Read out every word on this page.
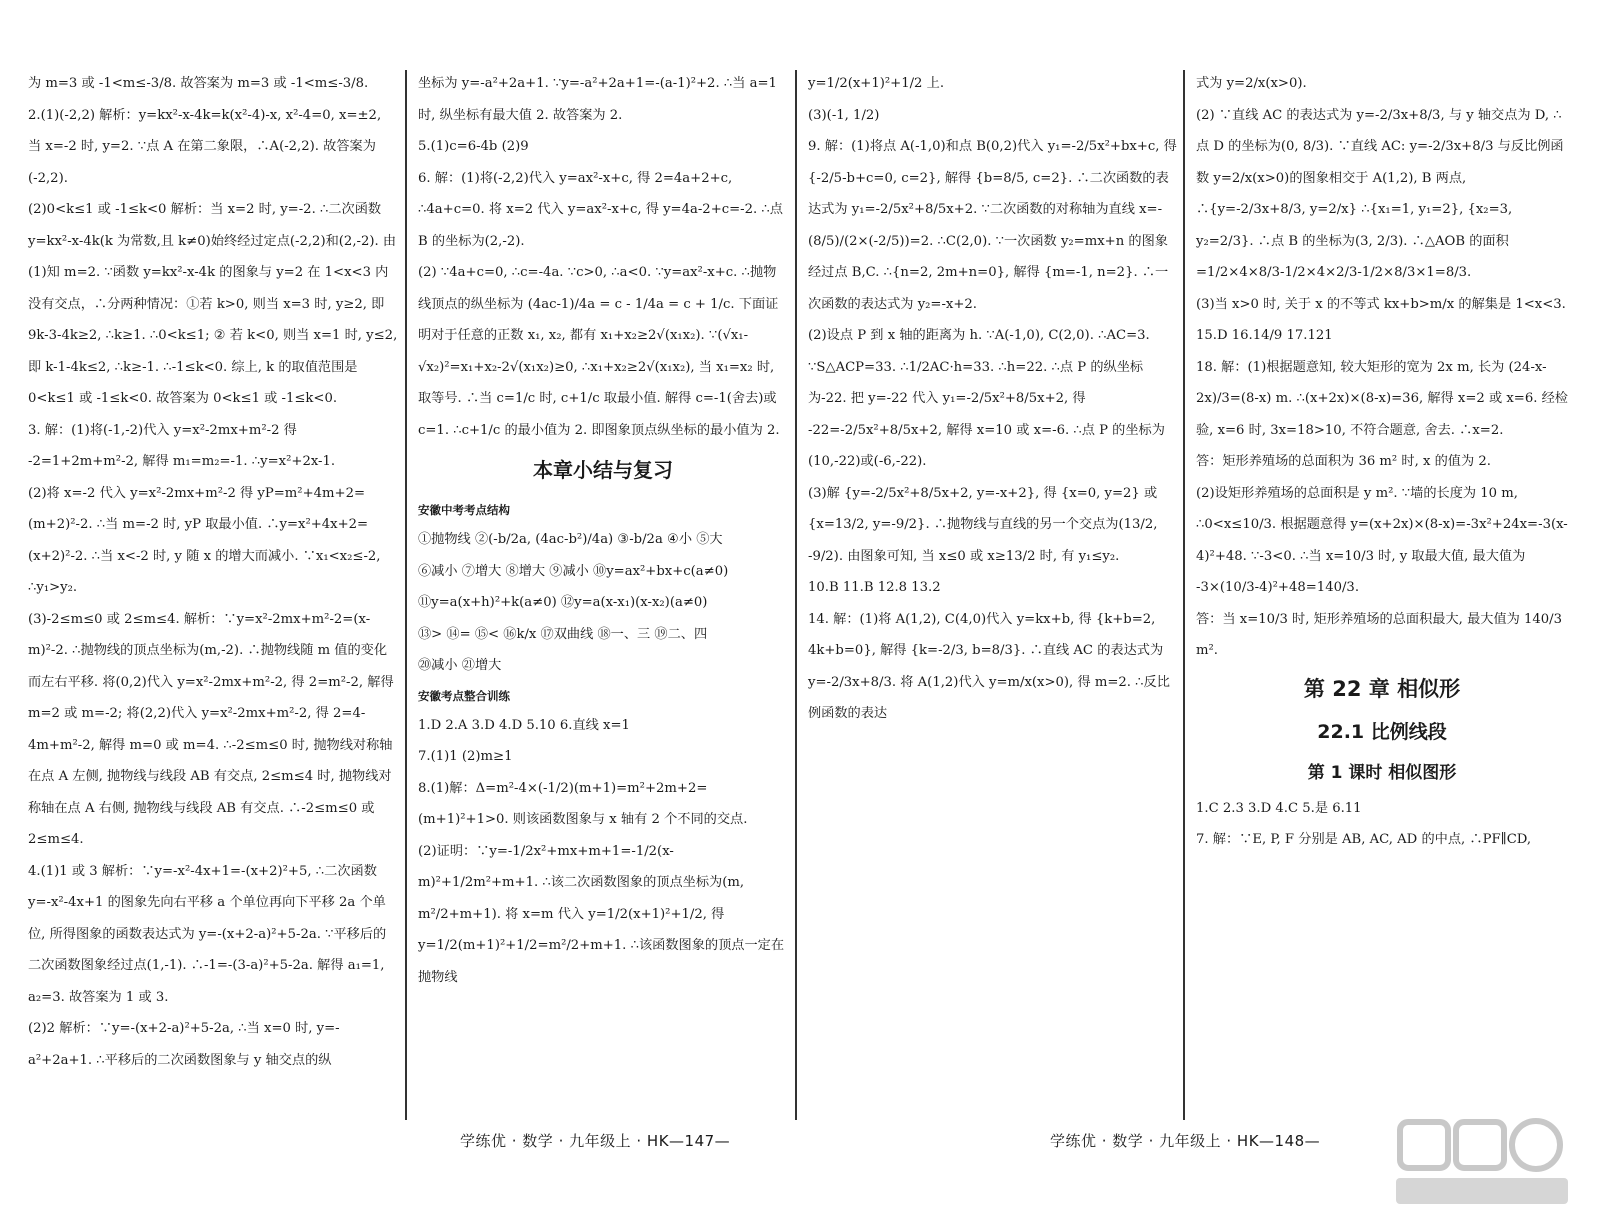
为 m=3 或 -1<m≤-3/8. 故答案为 m=3 或 -1<m≤-3/8.

2.(1)(-2,2) 解析：y=kx²-x-4k=k(x²-4)-x, x²-4=0, x=±2, 当 x=-2 时, y=2. ∵点 A 在第二象限，∴A(-2,2). 故答案为(-2,2).

(2)0<k≤1 或 -1≤k<0 解析：当 x=2 时, y=-2. ∴二次函数 y=kx²-x-4k(k 为常数,且 k≠0)始终经过定点(-2,2)和(2,-2). 由(1)知 m=2. ∵函数 y=kx²-x-4k 的图象与 y=2 在 1<x<3 内没有交点，∴分两种情况：①若 k>0, 则当 x=3 时, y≥2, 即 9k-3-4k≥2, ∴k≥1. ∴0<k≤1; ② 若 k<0, 则当 x=1 时, y≤2, 即 k-1-4k≤2, ∴k≥-1. ∴-1≤k<0. 综上, k 的取值范围是 0<k≤1 或 -1≤k<0. 故答案为 0<k≤1 或 -1≤k<0.

3. 解：(1)将(-1,-2)代入 y=x²-2mx+m²-2 得 -2=1+2m+m²-2, 解得 m₁=m₂=-1. ∴y=x²+2x-1.

(2)将 x=-2 代入 y=x²-2mx+m²-2 得 yP=m²+4m+2=(m+2)²-2. ∴当 m=-2 时, yP 取最小值. ∴y=x²+4x+2=(x+2)²-2. ∴当 x<-2 时, y 随 x 的增大而减小. ∵x₁<x₂≤-2, ∴y₁>y₂.

(3)-2≤m≤0 或 2≤m≤4. 解析：∵y=x²-2mx+m²-2=(x-m)²-2. ∴抛物线的顶点坐标为(m,-2). ∴抛物线随 m 值的变化而左右平移. 将(0,2)代入 y=x²-2mx+m²-2, 得 2=m²-2, 解得 m=2 或 m=-2; 将(2,2)代入 y=x²-2mx+m²-2, 得 2=4-4m+m²-2, 解得 m=0 或 m=4. ∴-2≤m≤0 时, 抛物线对称轴在点 A 左侧, 抛物线与线段 AB 有交点, 2≤m≤4 时, 抛物线对称轴在点 A 右侧, 抛物线与线段 AB 有交点. ∴-2≤m≤0 或 2≤m≤4.

4.(1)1 或 3 解析：∵y=-x²-4x+1=-(x+2)²+5, ∴二次函数 y=-x²-4x+1 的图象先向右平移 a 个单位再向下平移 2a 个单位, 所得图象的函数表达式为 y=-(x+2-a)²+5-2a. ∵平移后的二次函数图象经过点(1,-1). ∴-1=-(3-a)²+5-2a. 解得 a₁=1, a₂=3. 故答案为 1 或 3.

(2)2 解析：∵y=-(x+2-a)²+5-2a, ∴当 x=0 时, y=-a²+2a+1. ∴平移后的二次函数图象与 y 轴交点的纵

坐标为 y=-a²+2a+1. ∵y=-a²+2a+1=-(a-1)²+2. ∴当 a=1 时, 纵坐标有最大值 2. 故答案为 2.

5.(1)c=6-4b (2)9

6. 解：(1)将(-2,2)代入 y=ax²-x+c, 得 2=4a+2+c, ∴4a+c=0. 将 x=2 代入 y=ax²-x+c, 得 y=4a-2+c=-2. ∴点 B 的坐标为(2,-2).

(2) ∵4a+c=0, ∴c=-4a. ∵c>0, ∴a<0. ∵y=ax²-x+c. ∴抛物线顶点的纵坐标为 (4ac-1)/4a = c - 1/4a = c + 1/c. 下面证明对于任意的正数 x₁, x₂, 都有 x₁+x₂≥2√(x₁x₂). ∵(√x₁-√x₂)²=x₁+x₂-2√(x₁x₂)≥0, ∴x₁+x₂≥2√(x₁x₂), 当 x₁=x₂ 时, 取等号. ∴当 c=1/c 时, c+1/c 取最小值. 解得 c=-1(舍去)或 c=1. ∴c+1/c 的最小值为 2. 即图象顶点纵坐标的最小值为 2.

本章小结与复习
安徽中考考点结构

①抛物线 ②(-b/2a, (4ac-b²)/4a) ③-b/2a ④小 ⑤大

⑥减小 ⑦增大 ⑧增大 ⑨减小 ⑩y=ax²+bx+c(a≠0)

⑪y=a(x+h)²+k(a≠0) ⑫y=a(x-x₁)(x-x₂)(a≠0)

⑬> ⑭= ⑮< ⑯k/x ⑰双曲线 ⑱一、三 ⑲二、四

⑳减小 ㉑增大

安徽考点整合训练

1.D 2.A 3.D 4.D 5.10 6.直线 x=1

7.(1)1 (2)m≥1

8.(1)解：Δ=m²-4×(-1/2)(m+1)=m²+2m+2=(m+1)²+1>0. 则该函数图象与 x 轴有 2 个不同的交点.

(2)证明：∵y=-1/2x²+mx+m+1=-1/2(x-m)²+1/2m²+m+1. ∴该二次函数图象的顶点坐标为(m, m²/2+m+1). 将 x=m 代入 y=1/2(x+1)²+1/2, 得 y=1/2(m+1)²+1/2=m²/2+m+1. ∴该函数图象的顶点一定在抛物线

y=1/2(x+1)²+1/2 上.

(3)(-1, 1/2)

9. 解：(1)将点 A(-1,0)和点 B(0,2)代入 y₁=-2/5x²+bx+c, 得 {-2/5-b+c=0, c=2}, 解得 {b=8/5, c=2}. ∴二次函数的表达式为 y₁=-2/5x²+8/5x+2. ∵二次函数的对称轴为直线 x=-(8/5)/(2×(-2/5))=2. ∴C(2,0). ∵一次函数 y₂=mx+n 的图象经过点 B,C. ∴{n=2, 2m+n=0}, 解得 {m=-1, n=2}. ∴一次函数的表达式为 y₂=-x+2.

(2)设点 P 到 x 轴的距离为 h. ∵A(-1,0), C(2,0). ∴AC=3. ∵S△ACP=33. ∴1/2AC·h=33. ∴h=22. ∴点 P 的纵坐标为-22. 把 y=-22 代入 y₁=-2/5x²+8/5x+2, 得 -22=-2/5x²+8/5x+2, 解得 x=10 或 x=-6. ∴点 P 的坐标为(10,-22)或(-6,-22).

(3)解 {y=-2/5x²+8/5x+2, y=-x+2}, 得 {x=0, y=2} 或 {x=13/2, y=-9/2}. ∴抛物线与直线的另一个交点为(13/2, -9/2). 由图象可知, 当 x≤0 或 x≥13/2 时, 有 y₁≤y₂.

10.B 11.B 12.8 13.2

14. 解：(1)将 A(1,2), C(4,0)代入 y=kx+b, 得 {k+b=2, 4k+b=0}, 解得 {k=-2/3, b=8/3}. ∴直线 AC 的表达式为 y=-2/3x+8/3. 将 A(1,2)代入 y=m/x(x>0), 得 m=2. ∴反比例函数的表达

式为 y=2/x(x>0).

(2) ∵直线 AC 的表达式为 y=-2/3x+8/3, 与 y 轴交点为 D, ∴点 D 的坐标为(0, 8/3). ∵直线 AC: y=-2/3x+8/3 与反比例函数 y=2/x(x>0)的图象相交于 A(1,2), B 两点, ∴{y=-2/3x+8/3, y=2/x} ∴{x₁=1, y₁=2}, {x₂=3, y₂=2/3}. ∴点 B 的坐标为(3, 2/3). ∴△AOB 的面积=1/2×4×8/3-1/2×4×2/3-1/2×8/3×1=8/3.

(3)当 x>0 时, 关于 x 的不等式 kx+b>m/x 的解集是 1<x<3.

15.D 16.14/9 17.121

18. 解：(1)根据题意知, 较大矩形的宽为 2x m, 长为 (24-x-2x)/3=(8-x) m. ∴(x+2x)×(8-x)=36, 解得 x=2 或 x=6. 经检验, x=6 时, 3x=18>10, 不符合题意, 舍去. ∴x=2.

答：矩形养殖场的总面积为 36 m² 时, x 的值为 2.

(2)设矩形养殖场的总面积是 y m². ∵墙的长度为 10 m, ∴0<x≤10/3. 根据题意得 y=(x+2x)×(8-x)=-3x²+24x=-3(x-4)²+48. ∵-3<0. ∴当 x=10/3 时, y 取最大值, 最大值为 -3×(10/3-4)²+48=140/3.

答：当 x=10/3 时, 矩形养殖场的总面积最大, 最大值为 140/3 m².

第 22 章 相似形
22.1 比例线段
第 1 课时 相似图形

1.C 2.3 3.D 4.C 5.是 6.11

7. 解：∵E, P, F 分别是 AB, AC, AD 的中点, ∴PF∥CD,

学练优 · 数学 · 九年级上 · HK—147—	学练优 · 数学 · 九年级上 · HK—148—
